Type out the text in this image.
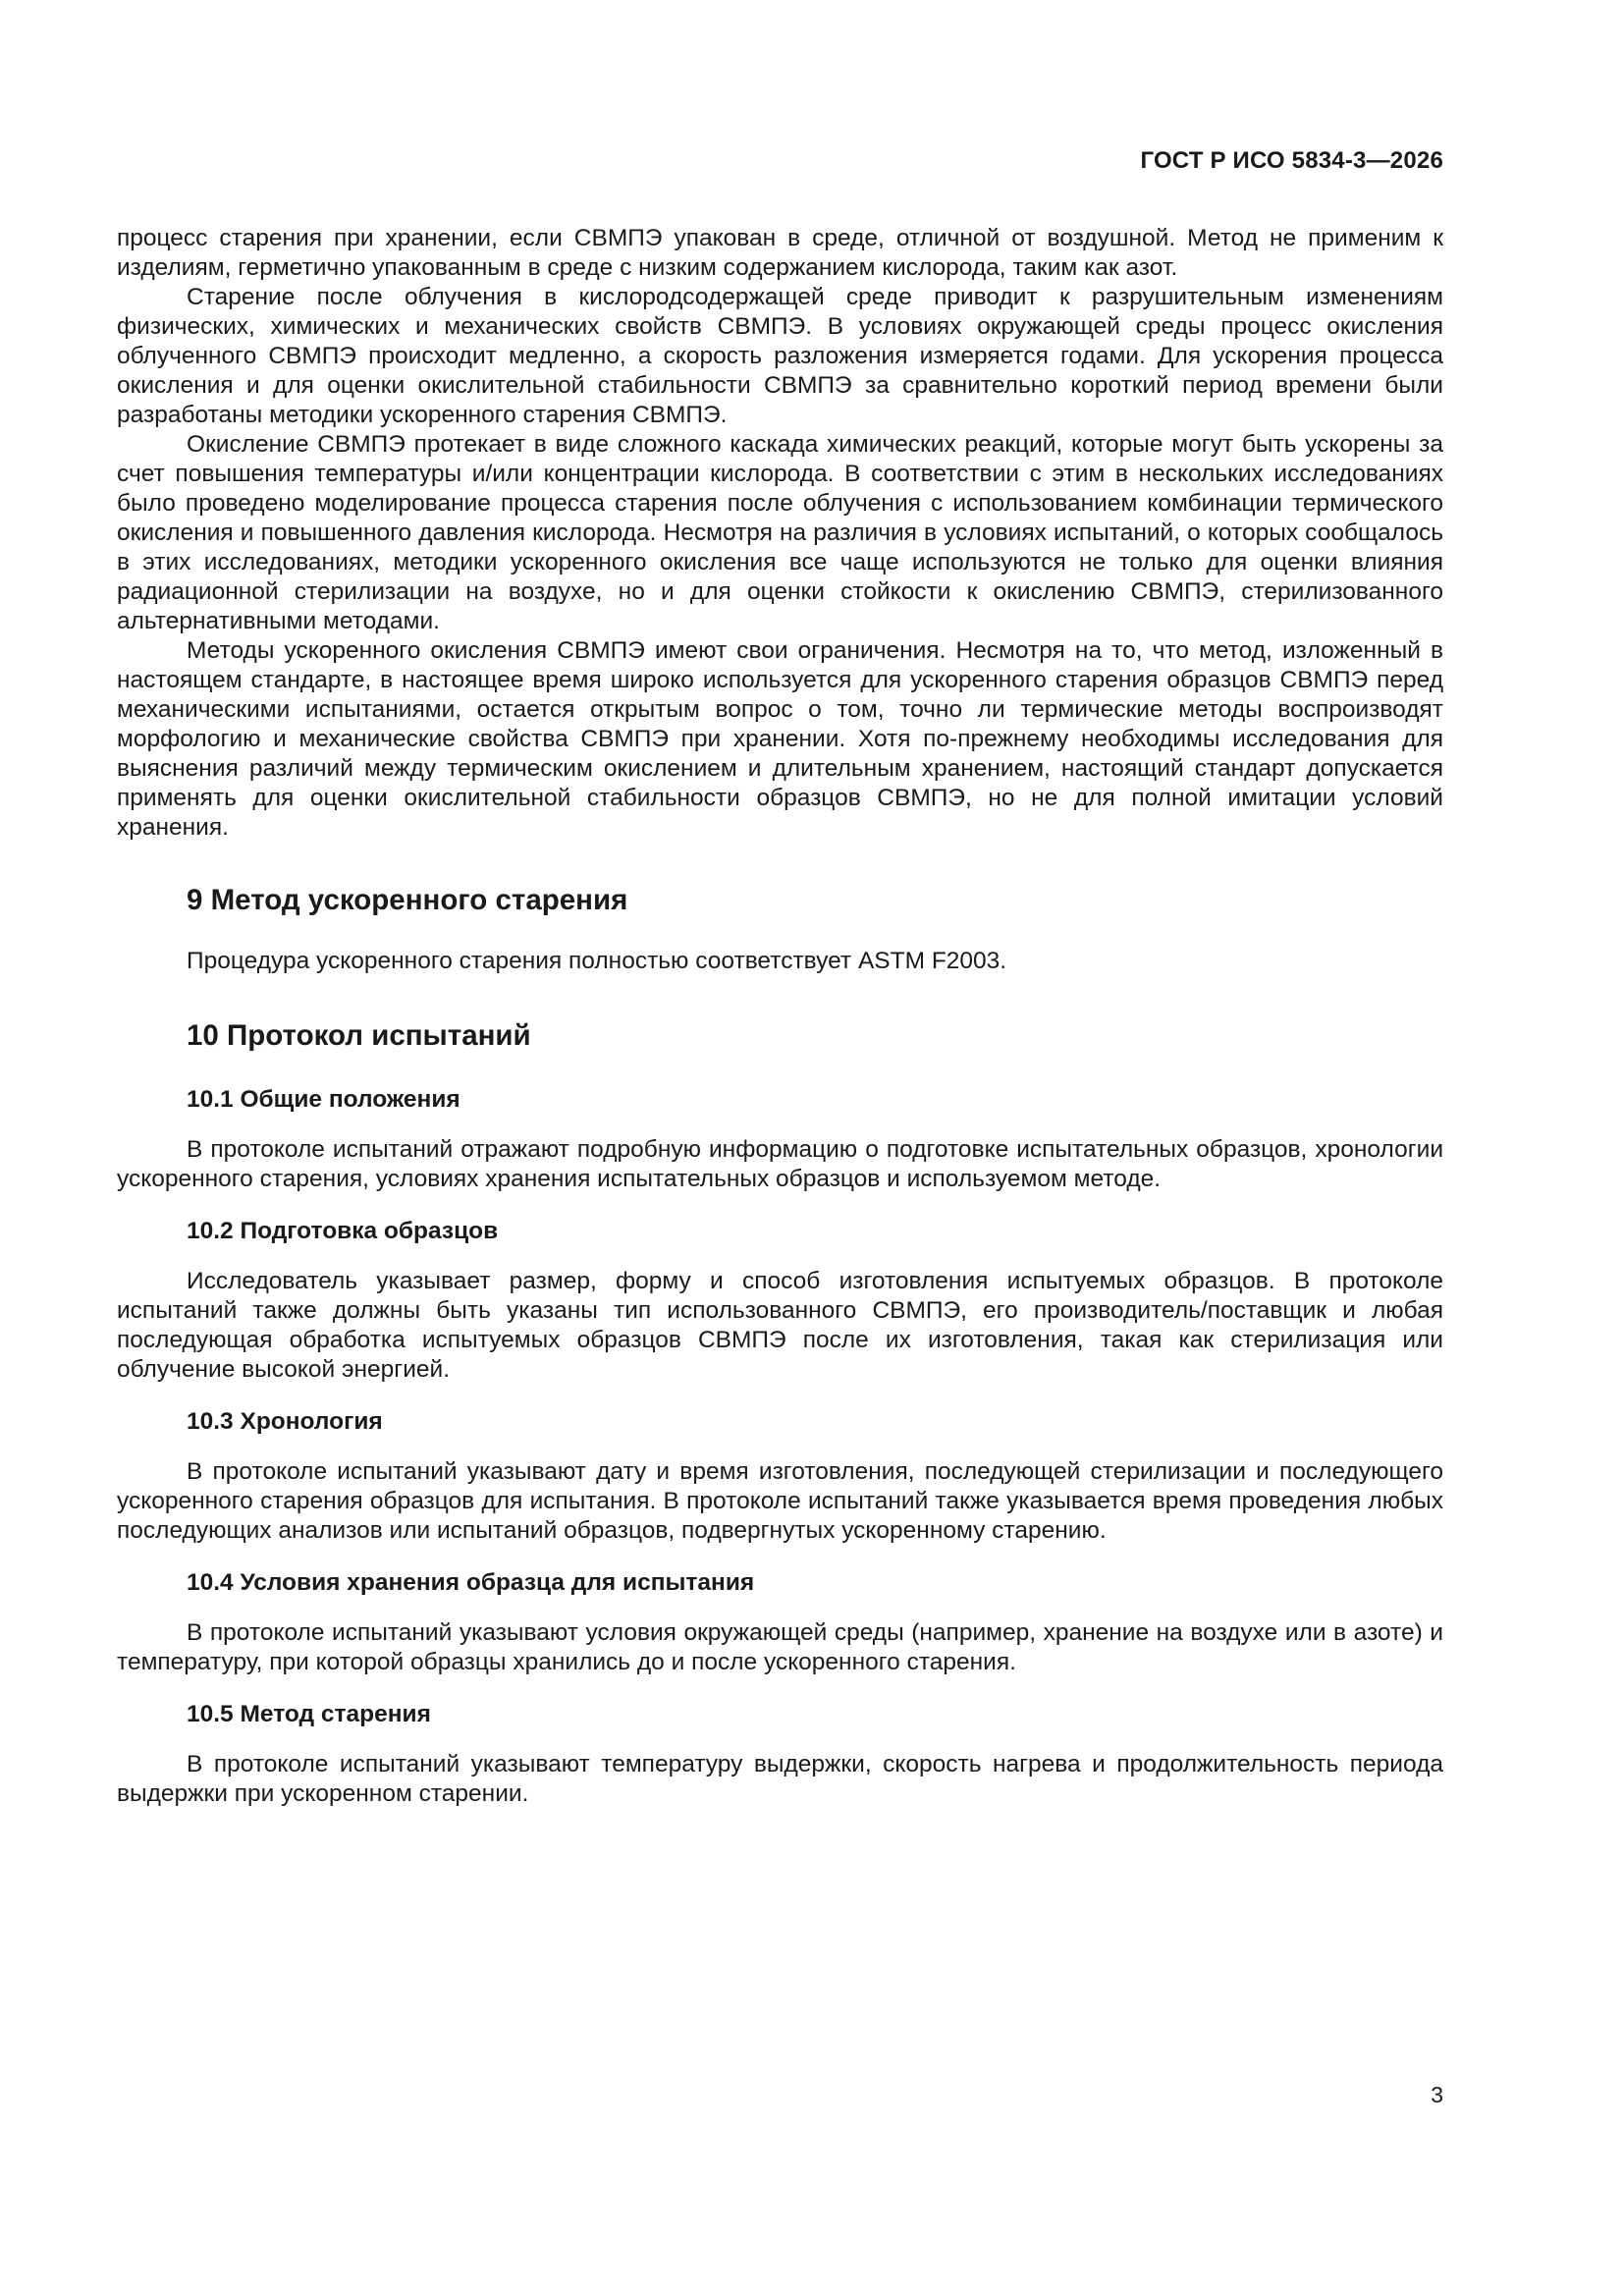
ГОСТ Р ИСО 5834-3—2026

процесс старения при хранении, если СВМПЭ упакован в среде, отличной от воздушной. Метод не применим к изделиям, герметично упакованным в среде с низким содержанием кислорода, таким как азот.

Старение после облучения в кислородсодержащей среде приводит к разрушительным изменениям физических, химических и механических свойств СВМПЭ. В условиях окружающей среды процесс окисления облученного СВМПЭ происходит медленно, а скорость разложения измеряется годами. Для ускорения процесса окисления и для оценки окислительной стабильности СВМПЭ за сравнительно короткий период времени были разработаны методики ускоренного старения СВМПЭ.

Окисление СВМПЭ протекает в виде сложного каскада химических реакций, которые могут быть ускорены за счет повышения температуры и/или концентрации кислорода. В соответствии с этим в нескольких исследованиях было проведено моделирование процесса старения после облучения с использованием комбинации термического окисления и повышенного давления кислорода. Несмотря на различия в условиях испытаний, о которых сообщалось в этих исследованиях, методики ускоренного окисления все чаще используются не только для оценки влияния радиационной стерилизации на воздухе, но и для оценки стойкости к окислению СВМПЭ, стерилизованного альтернативными методами.

Методы ускоренного окисления СВМПЭ имеют свои ограничения. Несмотря на то, что метод, изложенный в настоящем стандарте, в настоящее время широко используется для ускоренного старения образцов СВМПЭ перед механическими испытаниями, остается открытым вопрос о том, точно ли термические методы воспроизводят морфологию и механические свойства СВМПЭ при хранении. Хотя по-прежнему необходимы исследования для выяснения различий между термическим окислением и длительным хранением, настоящий стандарт допускается применять для оценки окислительной стабильности образцов СВМПЭ, но не для полной имитации условий хранения.

9 Метод ускоренного старения

Процедура ускоренного старения полностью соответствует ASTM F2003.

10 Протокол испытаний
10.1 Общие положения

В протоколе испытаний отражают подробную информацию о подготовке испытательных образцов, хронологии ускоренного старения, условиях хранения испытательных образцов и используемом методе.

10.2 Подготовка образцов

Исследователь указывает размер, форму и способ изготовления испытуемых образцов. В протоколе испытаний также должны быть указаны тип использованного СВМПЭ, его производитель/поставщик и любая последующая обработка испытуемых образцов СВМПЭ после их изготовления, такая как стерилизация или облучение высокой энергией.

10.3 Хронология

В протоколе испытаний указывают дату и время изготовления, последующей стерилизации и последующего ускоренного старения образцов для испытания. В протоколе испытаний также указывается время проведения любых последующих анализов или испытаний образцов, подвергнутых ускоренному старению.

10.4 Условия хранения образца для испытания

В протоколе испытаний указывают условия окружающей среды (например, хранение на воздухе или в азоте) и температуру, при которой образцы хранились до и после ускоренного старения.

10.5 Метод старения

В протоколе испытаний указывают температуру выдержки, скорость нагрева и продолжительность периода выдержки при ускоренном старении.

3
